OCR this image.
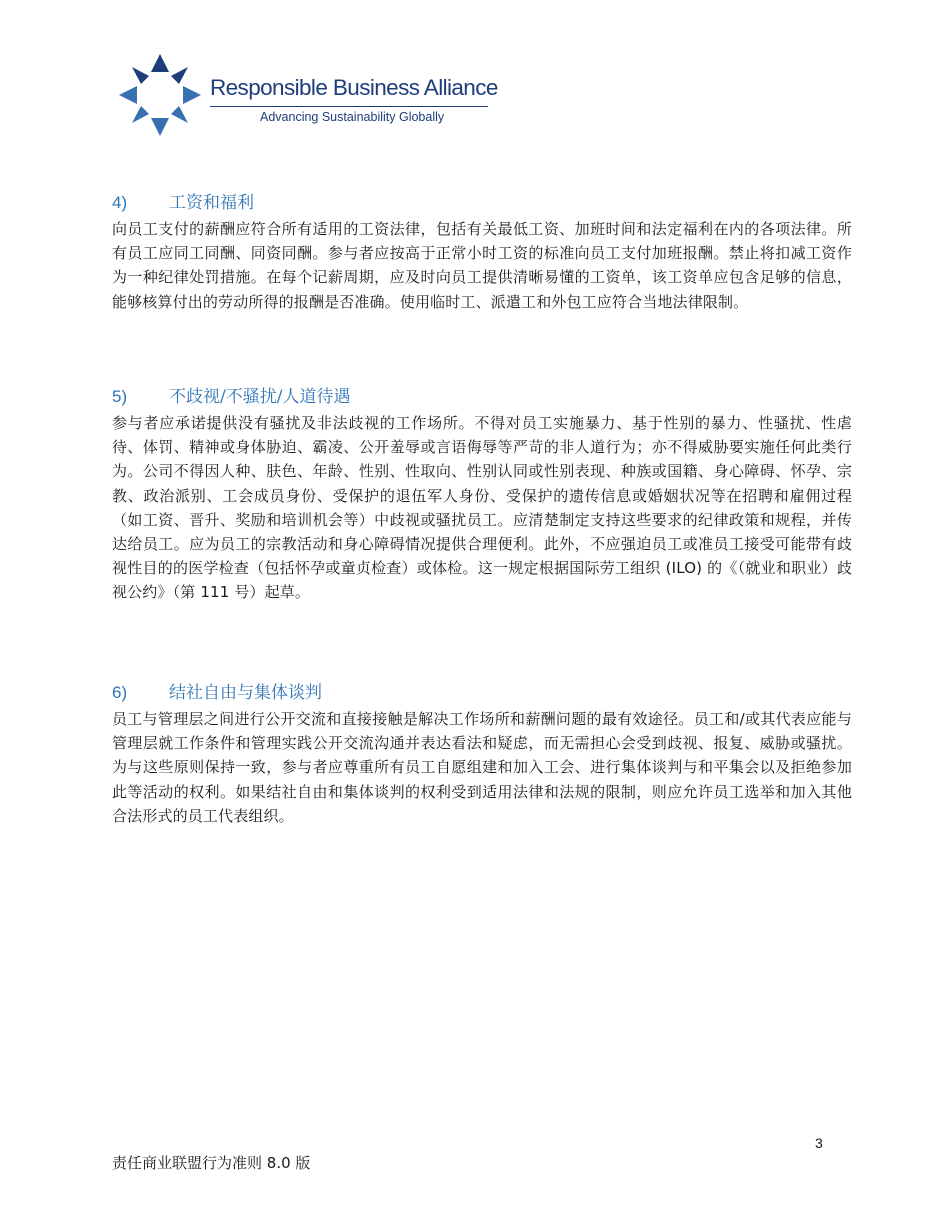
Responsible Business Alliance
Advancing Sustainability Globally
4) 工资和福利

向员工支付的薪酬应符合所有适用的工资法律，包括有关最低工资、加班时间和法定福利在内的各项法律。所有员工应同工同酬、同资同酬。参与者应按高于正常小时工资的标准向员工支付加班报酬。禁止将扣减工资作为一种纪律处罚措施。在每个记薪周期，应及时向员工提供清晰易懂的工资单，该工资单应包含足够的信息，能够核算付出的劳动所得的报酬是否准确。使用临时工、派遣工和外包工应符合当地法律限制。

5) 不歧视/不骚扰/人道待遇

参与者应承诺提供没有骚扰及非法歧视的工作场所。不得对员工实施暴力、基于性别的暴力、性骚扰、性虐待、体罚、精神或身体胁迫、霸凌、公开羞辱或言语侮辱等严苛的非人道行为；亦不得威胁要实施任何此类行为。公司不得因人种、肤色、年龄、性别、性取向、性别认同或性别表现、种族或国籍、身心障碍、怀孕、宗教、政治派别、工会成员身份、受保护的退伍军人身份、受保护的遗传信息或婚姻状况等在招聘和雇佣过程（如工资、晋升、奖励和培训机会等）中歧视或骚扰员工。应清楚制定支持这些要求的纪律政策和规程，并传达给员工。应为员工的宗教活动和身心障碍情况提供合理便利。此外，不应强迫员工或准员工接受可能带有歧视性目的的医学检查（包括怀孕或童贞检查）或体检。这一规定根据国际劳工组织 (ILO) 的《（就业和职业）歧视公约》（第 111 号）起草。

6) 结社自由与集体谈判

员工与管理层之间进行公开交流和直接接触是解决工作场所和薪酬问题的最有效途径。员工和/或其代表应能与管理层就工作条件和管理实践公开交流沟通并表达看法和疑虑，而无需担心会受到歧视、报复、威胁或骚扰。为与这些原则保持一致，参与者应尊重所有员工自愿组建和加入工会、进行集体谈判与和平集会以及拒绝参加此等活动的权利。如果结社自由和集体谈判的权利受到适用法律和法规的限制，则应允许员工选举和加入其他合法形式的员工代表组织。

3
责任商业联盟行为准则 8.0 版
